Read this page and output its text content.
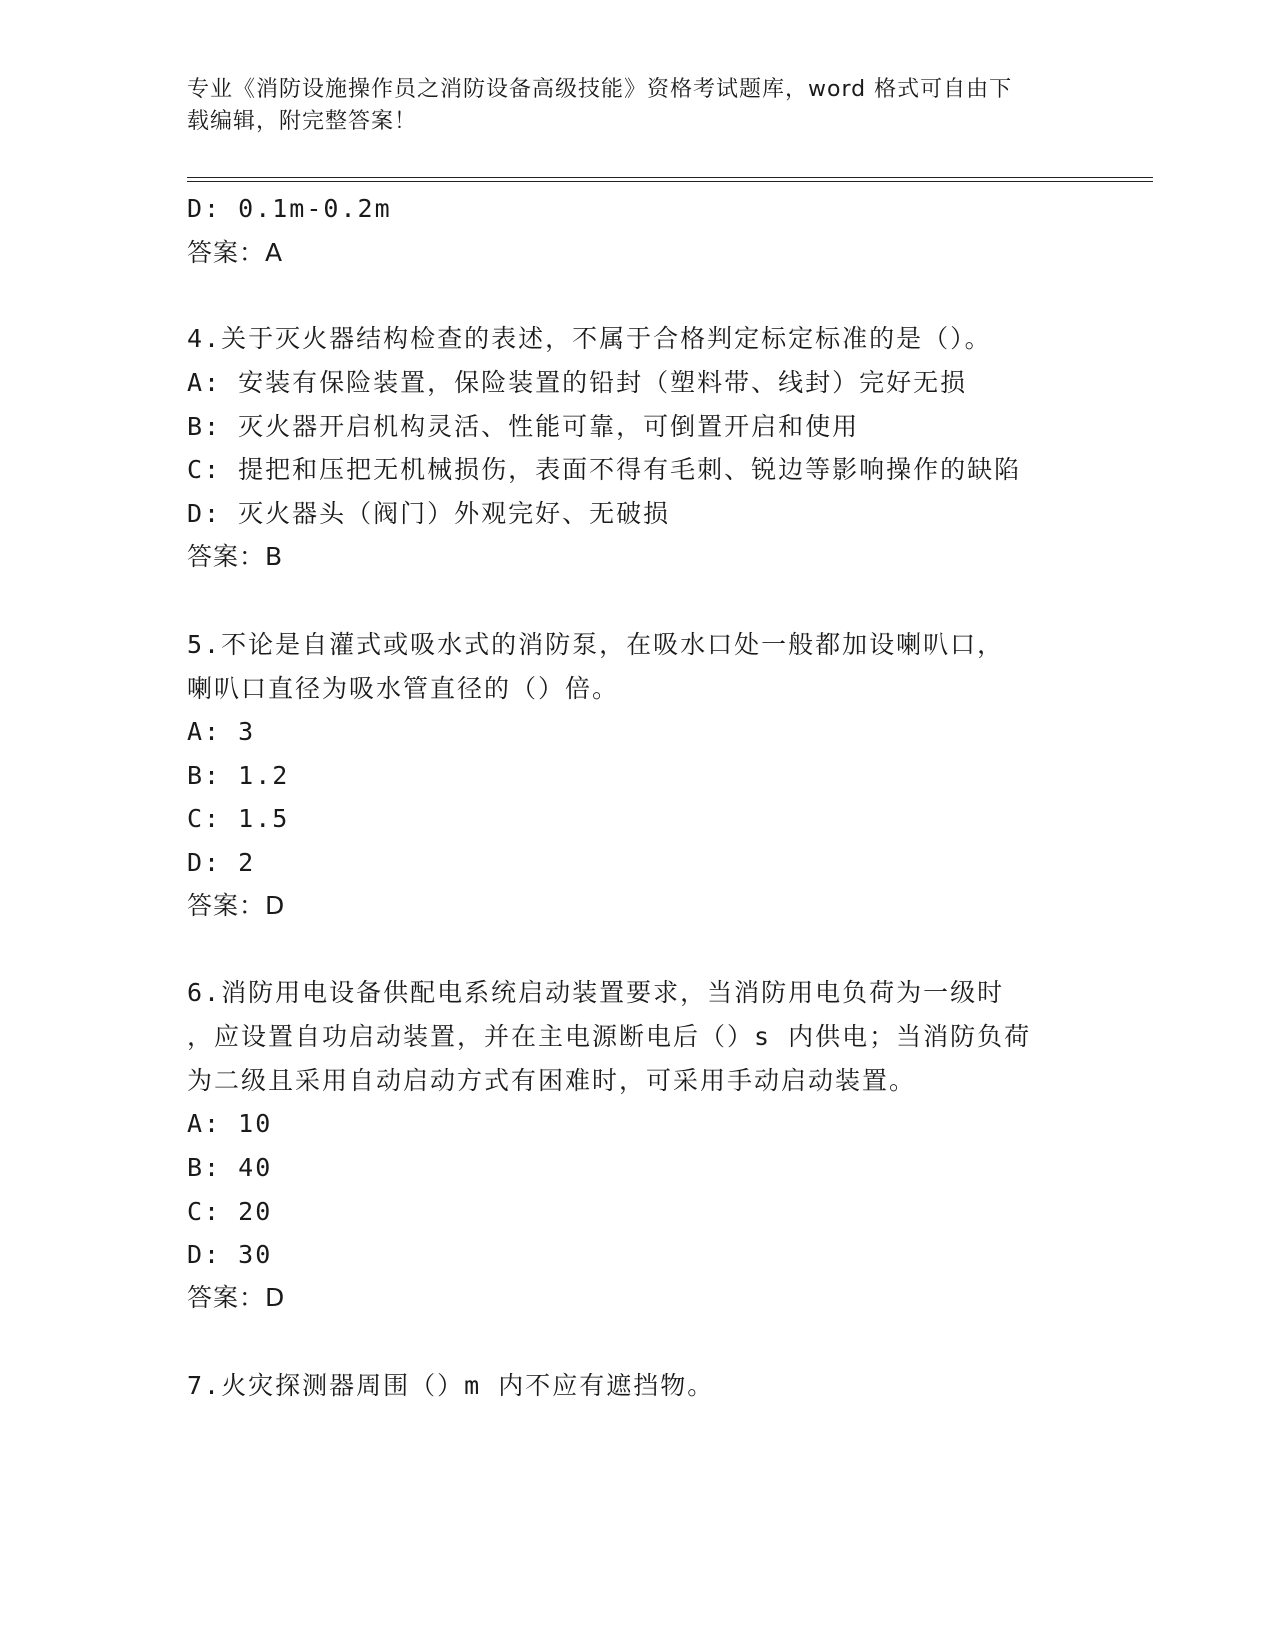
专业《消防设施操作员之消防设备高级技能》资格考试题库，word 格式可自由下
载编辑，附完整答案！
D: 0.1m-0.2m
答案：A
4.关于灭火器结构检查的表述，不属于合格判定标定标准的是（）。
A: 安装有保险装置，保险装置的铅封（塑料带、线封）完好无损
B: 灭火器开启机构灵活、性能可靠，可倒置开启和使用
C: 提把和压把无机械损伤，表面不得有毛刺、锐边等影响操作的缺陷
D: 灭火器头（阀门）外观完好、无破损
答案：B
5.不论是自灌式或吸水式的消防泵，在吸水口处一般都加设喇叭口，
喇叭口直径为吸水管直径的（）倍。
A: 3
B: 1.2
C: 1.5
D: 2
答案：D
6.消防用电设备供配电系统启动装置要求，当消防用电负荷为一级时
，应设置自功启动装置，并在主电源断电后（）s 内供电；当消防负荷
为二级且采用自动启动方式有困难时，可采用手动启动装置。
A: 10
B: 40
C: 20
D: 30
答案：D
7.火灾探测器周围（）m 内不应有遮挡物。
